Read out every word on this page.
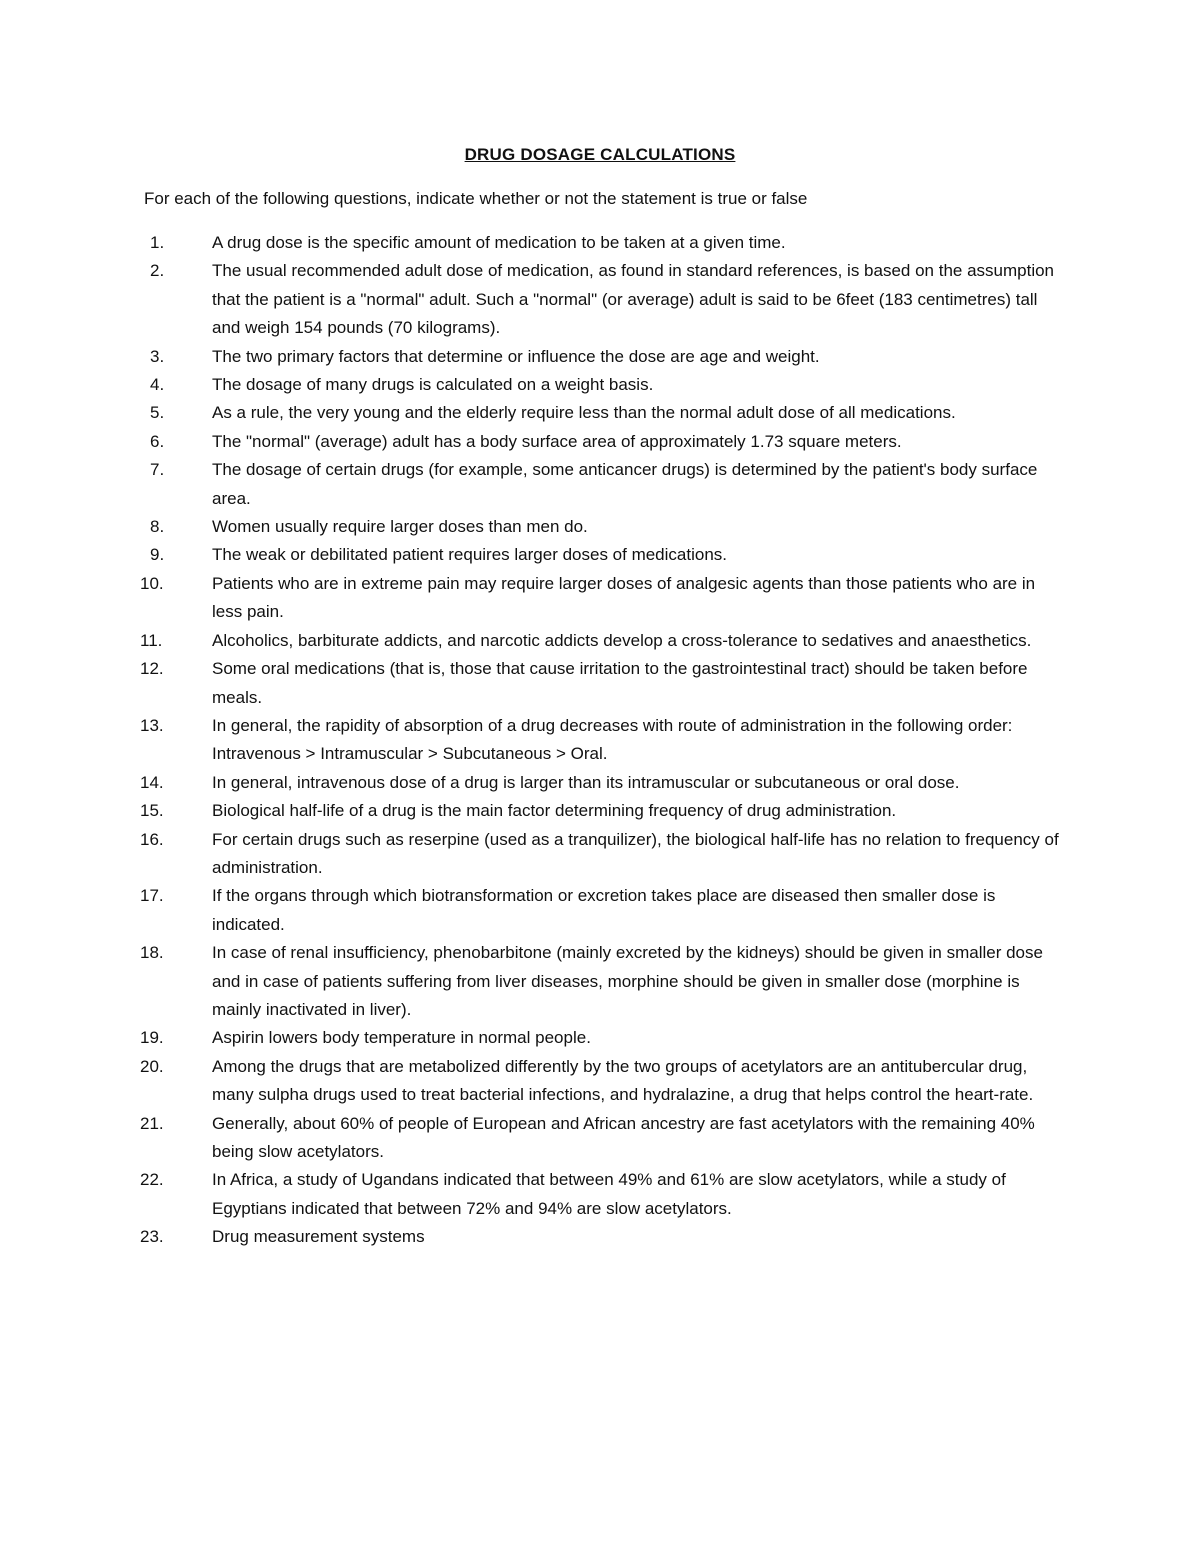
DRUG DOSAGE CALCULATIONS

For each of the following questions, indicate whether or not the statement is true or false

1.	A drug dose is the specific amount of medication to be taken at a given time.
2.	The usual recommended adult dose of medication, as found in standard references, is based on the assumption that the patient is a "normal" adult. Such a "normal" (or average) adult is said to be 6feet (183 centimetres) tall and weigh 154 pounds (70 kilograms).
3.	The two primary factors that determine or influence the dose are age and weight.
4.	The dosage of many drugs is calculated on a weight basis.
5.	As a rule, the very young and the elderly require less than the normal adult dose of all medications.
6.	The "normal" (average) adult has a body surface area of approximately 1.73 square meters.
7.	The dosage of certain drugs (for example, some anticancer drugs) is determined by the patient's body surface area.
8.	Women usually require larger doses than men do.
9.	The weak or debilitated patient requires larger doses of medications.
10.	Patients who are in extreme pain may require larger doses of analgesic agents than those patients who are in less pain.
11.	Alcoholics, barbiturate addicts, and narcotic addicts develop a cross-tolerance to sedatives and anaesthetics.
12.	Some oral medications (that is, those that cause irritation to the gastrointestinal tract) should be taken before meals.
13.	In general, the rapidity of absorption of a drug decreases with route of administration in the following order: Intravenous > Intramuscular > Subcutaneous > Oral.
14.	In general, intravenous dose of a drug is larger than its intramuscular or subcutaneous or oral dose.
15.	Biological half-life of a drug is the main factor determining frequency of drug administration.
16.	For certain drugs such as reserpine (used as a tranquilizer), the biological half-life has no relation to frequency of administration.
17.	If the organs through which biotransformation or excretion takes place are diseased then smaller dose is indicated.
18.	In case of renal insufficiency, phenobarbitone (mainly excreted by the kidneys) should be given in smaller dose and in case of patients suffering from liver diseases, morphine should be given in smaller dose (morphine is mainly inactivated in liver).
19.	Aspirin lowers body temperature in normal people.
20.	Among the drugs that are metabolized differently by the two groups of acetylators are an antitubercular drug, many sulpha drugs used to treat bacterial infections, and hydralazine, a drug that helps control the heart-rate.
21.	Generally, about 60% of people of European and African ancestry are fast acetylators with the remaining 40% being slow acetylators.
22.	In Africa, a study of Ugandans indicated that between 49% and 61% are slow acetylators, while a study of Egyptians indicated that between 72% and 94% are slow acetylators.
23.	Drug measurement systems
